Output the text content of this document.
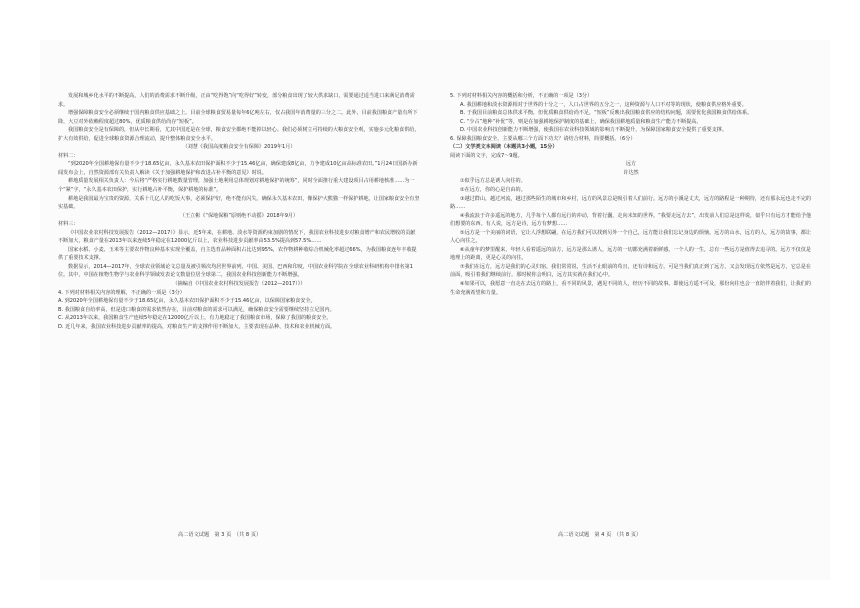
发展和城乡化水平的不断提高，人们的消费需求不断升级，正由“吃得饱”向“吃得好”转变，部分粮食出现了较大供求缺口，需要通过适当进口来满足消费需求。

增强保障粮食安全必须继续于国内粮食供应基础之上。目前全球粮食贸易量每年6亿吨左右，仅占我国年消费量的三分之二。此外，目前我国粮食产量有所下降，大豆对外依赖程度超过80%，优质粮食供给尚存“短板”。

我国粮食安全是有保障的，但从中长期看，尤其中国近是在全球，粮食安全都绝不能掉以轻心。我们必须树立可持续的大粮食安全观，实施多元化粮食供给，扩大有效供给，促进全球粮食资源合理流动，提升整体粮食安全水平。

（刘慧《我国高度粮食安全有保障》2019年1月）

材料二：

“到2020年全国耕地保有量不少于18.65亿亩，永久基本农田保护面积不少于15.46亿亩，确保建成8亿亩，力争建成10亿亩高标准农田。”1月24日国新办新闻发布会上，自然资源部有关负责人解读《关于加强耕地保护和改进占补平衡的意见》时说。

耕地质量发展相关负责人：今后将“严格实行耕地数量管理，加强土地利用总体规划对耕地保护的统筹”，同时全面推行重大建设项目占用耕地核准……为一个“紧”字，“永久基本农田保护，实行耕地占补平衡，保护耕地的标准”。

耕地是我国最为宝贵的资源，关系十几亿人的吃饭大事，必须保护好，绝不能有闪失。确保永久基本农田，像保护大熊猫一样保护耕地，让国家粮食安全有坚实基础。

（王立彬《“保地保粮”原则绝不动摇》2018年9月）

材料三：

《中国农业农村科技发展报告（2012—2017）》显示，近5年来，在耕地、淡水等资源约束加剧的情况下，我国农业科技进步对粮食增产和农民增收的贡献不断加大，粮食产量在2013年以来连续5年稳定在12000亿斤以上，农业科技进步贡献率由53.5%提高到57.5%……

国家水稻、小麦、玉米等主要农作物良种基本实现全覆盖，自主选育品种面积占比达到95%，农作物耕种收综合机械化率超过66%，为我国粮食连年丰收提供了重要技术支撑。

数据显示，2014—2017年，全球农业领域论文总量及被引频次均居世界前列，中国、美国、巴西和印度，中国农业科学院在全球农业科研机构中排名第1位。其中，中国在植物生物学与农业科学领域发表论文数量位居全球第二，我国农业科技创新能力不断增强。

（摘编自《中国农业农村科技发展报告（2012—2017）》）

4. 下列对材料相关内容的理解，不正确的一项是（3分）

A. 到2020年全国耕地保有量不少于18.65亿亩，永久基本农田保护面积不少于15.46亿亩，以保障国家粮食安全。

B. 我国粮食自给率高，但是进口粮食的需求依然存在，目前对粮食的需求可以满足，确保粮食安全需要继续坚持立足国内。

C. 从2013年以来，我国粮食生产连续5年稳定在12000亿斤以上，有力地稳定了我国粮食市场，保障了我国的粮食安全。

D. 近几年来，我国农业科技进步贡献率的提高，对粮食生产的支撑作用不断加大，主要表现在品种、技术和农业机械方面。

高二语文试题　第 3 页　（共 8 页）

5. 下列对材料相关内容的概括和分析，不正确的一项是（3分）

A. 我国耕地和淡水资源相对于世界的十分之一，人口占世界的五分之一，这种资源与人口不对等的现状，使粮食供应格外重要。

B. 于我国目前粮食总体供求平衡，但优质粮食供给尚不足，“短板”反映出我国粮食供应的结构问题，需要优化我国粮食供给体系。

C. “少占”地种“补优”等，则是在加强耕地保护制度的基础上，确保我国耕地质量和粮食生产能力不断提高。

D. 中国农业科技创新能力不断增强，使我国在农业科技领域的影响力不断提升，为保障国家粮食安全提供了重要支撑。

6. 保障我国粮食安全，主要从哪三个方面下功夫？请结合材料，简要概括。（6分）

（二）文学类文本阅读（本题共3小题，15分）

阅读下面的文字，完成7～9题。

远方

许达然

①似乎远方总是诱人向往的。

②在远方，你的心是自由的。

③越过群山，越过河流，越过那些陌生的城市和乡村，远方的风景总是吸引着人们前行。远方的小溪是丈夫，远方的路程是一种期待，还有那永远也走不完的路……

④我流浪于许多遥远的地方，几乎每个人都有远行的冲动，背着行囊，走向未知的世界。“我要走远方去”，出发前人们总是这样说，似乎只有远方才能给予他们想要的东西。有人说，远方是诗，远方有梦想……

⑤远方是一个美丽的词语，它让人浮想联翩，在远方我们可以找到另外一个自己，远方能让我们忘记身边的烦恼。远方的山水，远方的人，远方的故事，都让人心向往之。

⑥从童年的梦里醒来，年轻人看着遥远的前方，远方是那么诱人，远方的一切都充满着新鲜感。一个人的一生，总有一些远方是值得去追寻的。远方不仅仅是地理上的距离，更是心灵的向往。

⑦我们在远方，远方是我们的心灵归宿，我们常常说，生活不止眼前的苟且，还有诗和远方。可是当我们真正到了远方，又会发现远方依然是远方，它总是在前面，吸引着我们继续前行。那时候你会明白，远方其实就在我们心中。

⑧如果可以，我愿意一直走在去远方的路上，看不同的风景，遇见不同的人，经历不同的故事。即使远方遥不可及，那份向往也会一直陪伴着我们，让我们的生命充满希望和力量。

高二语文试题　第 4 页　（共 8 页）
